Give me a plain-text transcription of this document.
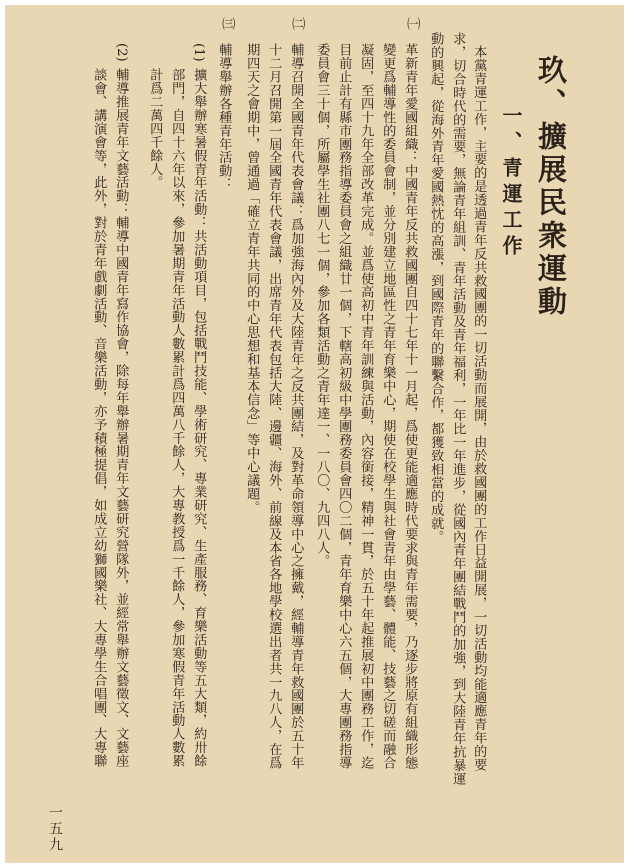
玖、擴展民衆運動
一、青運工作
本黨青運工作，主要的是透過青年反共救國團的一切活動而展開，由於救國團的工作日益開展，一切活動均能適應青年的要
求，切合時代的需要，無論青年組訓、青年活動及青年福利，一年比一年進步，從國內青年團結戰鬥的加強，到大陸青年抗暴運
動的興起，從海外青年愛國熱忱的高漲，到國際青年的聯繫合作，都獲致相當的成就。
㈠
革新青年愛國組織：中國青年反共救國團自四十七年十一月起，爲使更能適應時代要求與青年需要，乃逐步將原有組織形態
變更爲輔導性的委員會制，並分別建立地區性之青年育樂中心，期使在校學生與社會青年由學藝、體能、技藝之切磋而融合
凝固，至四十九年全部改革完成。並爲使高初中青年訓練與活動，內容銜接，精神一貫，於五十年起推展初中團務工作，迄
目前止計有縣市團務指導委員會之組織廿一個，下轄高初級中學團務委員會四〇二個，青年育樂中心六五個，大專團務指導
委員會三十個，所屬學生社團八七一個，參加各類活動之青年達一、一八〇、九四八人。
㈡
輔導召開全國青年代表會議：爲加強海內外及大陸青年之反共團結，及對革命領導中心之擁戴，經輔導青年救國團於五十年
十二月召開第一屆全國青年代表會議，出席青年代表包括大陸、邊疆、海外、前線及本省各地學校選出者共一九八人，在爲
期四天之會期中，曾通過「確立青年共同的中心思想和基本信念」等中心議題。
㈢
輔導舉辦各種青年活動：
(1)
擴大舉辦寒暑假青年活動：共活動項目，包括戰鬥技能、學術研究、專業研究、生產服務、育樂活動等五大類，約卅餘
部門，自四十六年以來，參加暑期青年活動人數累計爲四萬八千餘人，大專教授爲一千餘人，參加寒假青年活動人數累
計爲二萬四千餘人。
(2)
輔導推展青年文藝活動：輔導中國青年寫作協會，除每年舉辦暑期青年文藝研究營隊外，並經常舉辦文藝徵文、文藝座
談會、講演會等，此外，對於青年戲劇活動、音樂活動，亦予積極提倡，如成立幼獅國樂社、大專學生合唱團、大專聯
一五九
